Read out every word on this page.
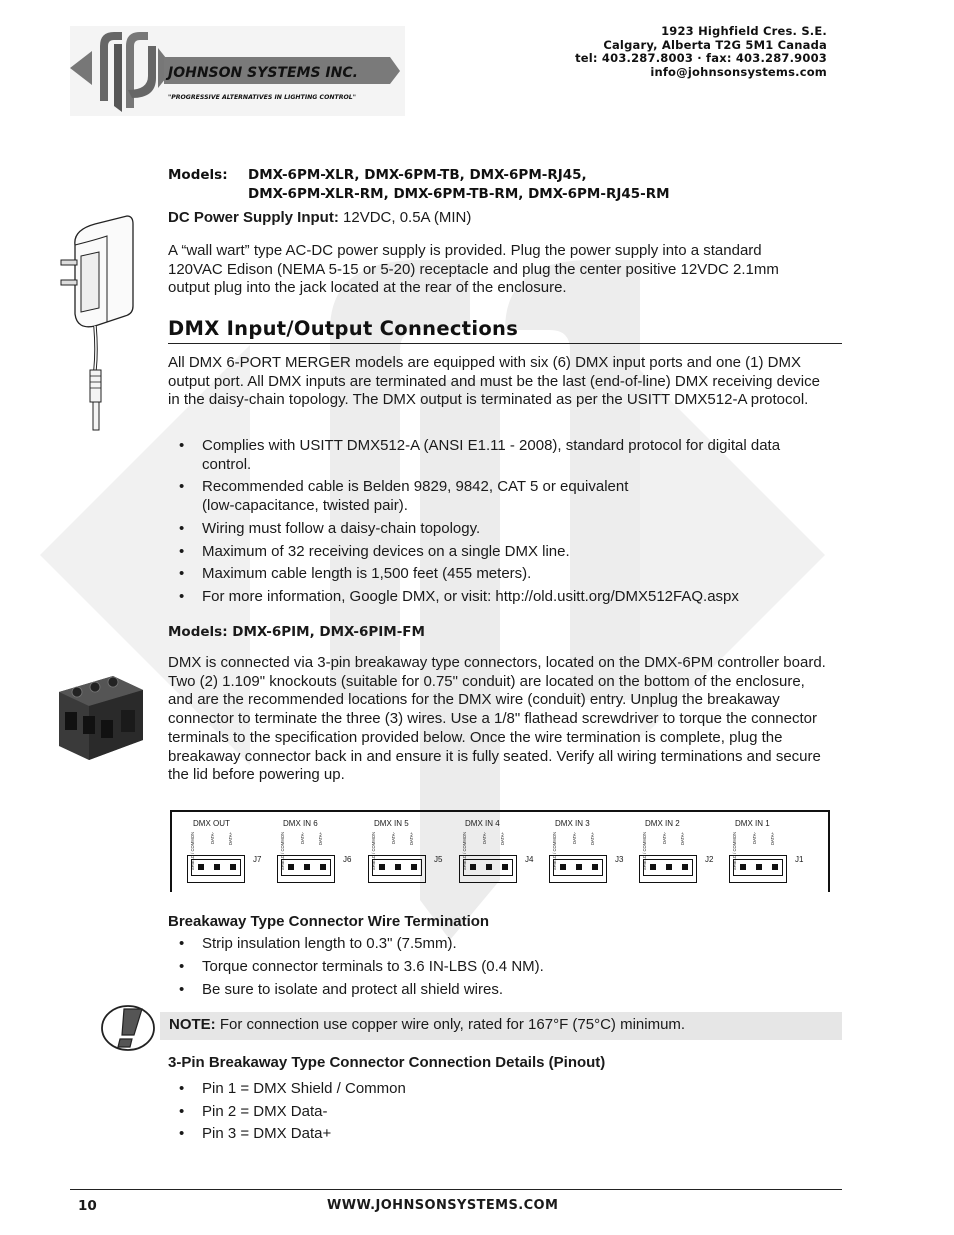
JOHNSON SYSTEMS INC.
"PROGRESSIVE ALTERNATIVES IN LIGHTING CONTROL"
1923 Highfield Cres. S.E.
Calgary, Alberta T2G 5M1 Canada
tel: 403.287.8003 · fax: 403.287.9003
info@johnsonsystems.com
Models: DMX-6PM-XLR, DMX-6PM-TB, DMX-6PM-RJ45,
DMX-6PM-XLR-RM, DMX-6PM-TB-RM, DMX-6PM-RJ45-RM
DC Power Supply Input: 12VDC, 0.5A (MIN)
A “wall wart” type AC-DC power supply is provided. Plug the power supply into a standard 120VAC Edison (NEMA 5-15 or 5-20) receptacle and plug the center positive 12VDC 2.1mm output plug into the jack located at the rear of the enclosure.
DMX Input/Output Connections
All DMX 6-PORT MERGER models are equipped with six (6) DMX input ports and one (1) DMX output port. All DMX inputs are terminated and must be the last (end-of-line) DMX receiving device in the daisy-chain topology. The DMX output is terminated as per the USITT DMX512-A protocol.
• Complies with USITT DMX512-A (ANSI E1.11 - 2008), standard protocol for digital data control.
• Recommended cable is Belden 9829, 9842, CAT 5 or equivalent (low-capacitance, twisted pair).
• Wiring must follow a daisy-chain topology.
• Maximum of 32 receiving devices on a single DMX line.
• Maximum cable length is 1,500 feet (455 meters).
• For more information, Google DMX, or visit: http://old.usitt.org/DMX512FAQ.aspx
Models: DMX-6PIM, DMX-6PIM-FM
DMX is connected via 3-pin breakaway type connectors, located on the DMX-6PM controller board. Two (2) 1.109" knockouts (suitable for 0.75" conduit) are located on the bottom of the enclosure, and are the recommended locations for the DMX wire (conduit) entry. Unplug the breakaway connector to terminate the three (3) wires. Use a 1/8" flathead screwdriver to torque the connector terminals to the specification provided below. Once the wire termination is complete, plug the breakaway connector back in and ensure it is fully seated. Verify all wiring terminations and secure the lid before powering up.
DMX OUT
SHIELD / COMMON	DATA-	DATA+
J7
DMX IN 6
SHIELD / COMMON	DATA-	DATA+
J6
DMX IN 5
SHIELD / COMMON	DATA-	DATA+
J5
DMX IN 4
SHIELD / COMMON	DATA-	DATA+
J4
DMX IN 3
SHIELD / COMMON	DATA-	DATA+
J3
DMX IN 2
SHIELD / COMMON	DATA-	DATA+
J2
DMX IN 1
SHIELD / COMMON	DATA-	DATA+
J1
Breakaway Type Connector Wire Termination
• Strip insulation length to 0.3" (7.5mm).
• Torque connector terminals to 3.6 IN-LBS (0.4 NM).
• Be sure to isolate and protect all shield wires.
NOTE: For connection use copper wire only, rated for 167°F (75°C) minimum.
3-Pin Breakaway Type Connector Connection Details (Pinout)
• Pin 1 = DMX Shield / Common
• Pin 2 = DMX Data-
• Pin 3 = DMX Data+
10	WWW.JOHNSONSYSTEMS.COM
